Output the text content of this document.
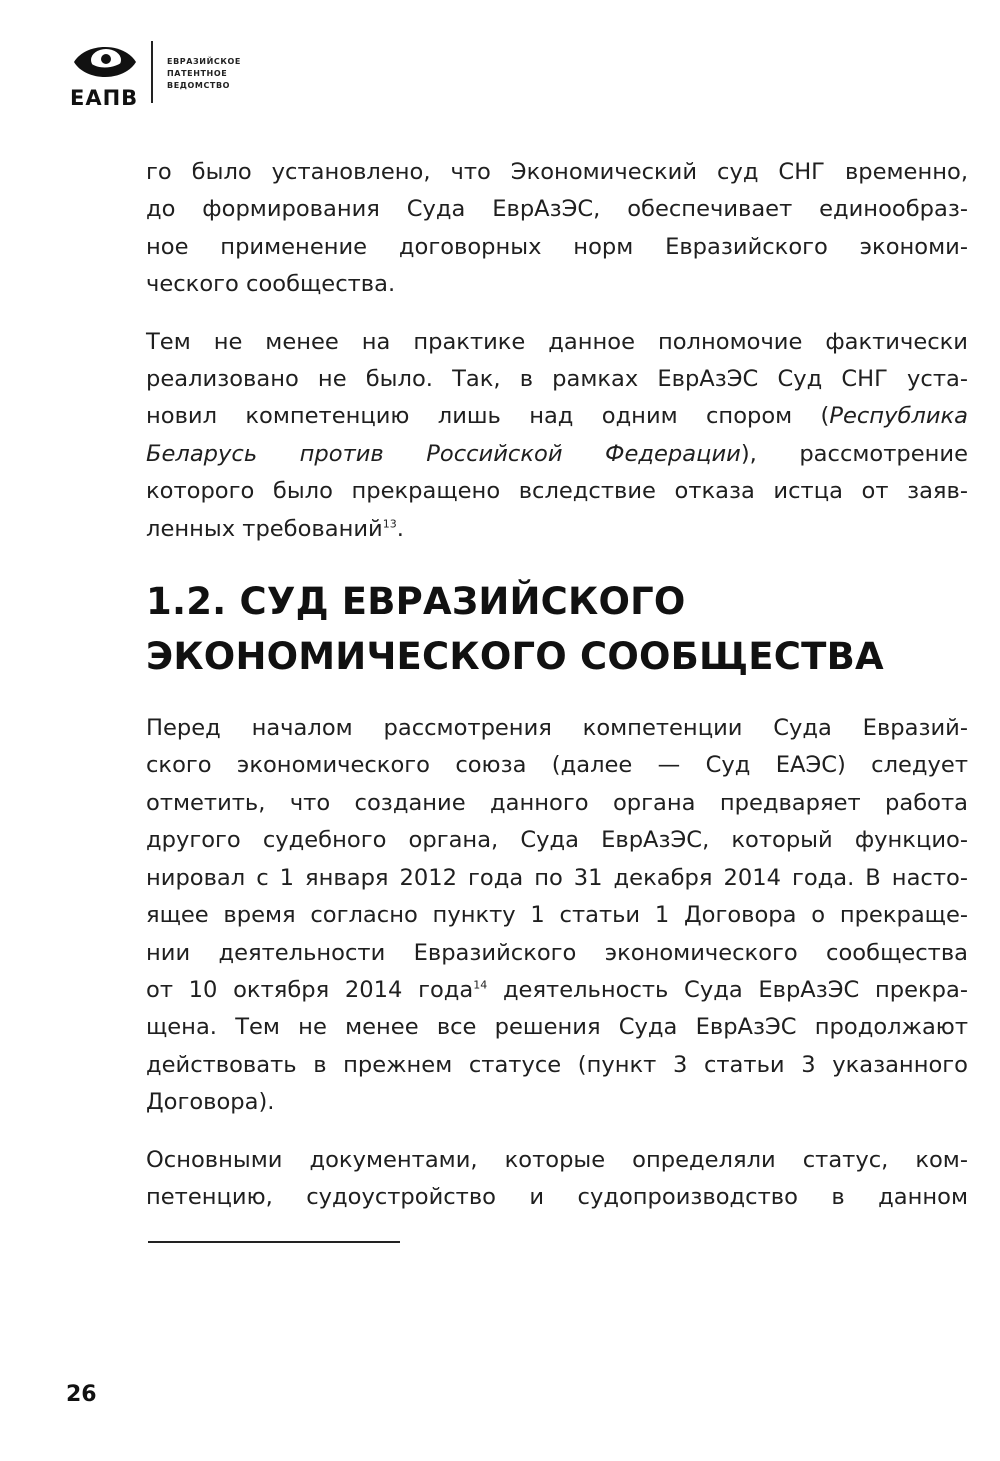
ЕАПВ
ЕВРАЗИЙСКОЕ
ПАТЕНТНОЕ
ВЕДОМСТВО

го было установлено, что Экономический суд СНГ временно,
до формирования Суда ЕврАзЭС, обеспечивает единообраз-
ное применение договорных норм Евразийского экономи-
ческого сообщества.

Тем не менее на практике данное полномочие фактически
реализовано не было. Так, в рамках ЕврАзЭС Суд СНГ уста-
новил компетенцию лишь над одним спором (Республика
Беларусь против Российской Федерации), рассмотрение
которого было прекращено вследствие отказа истца от заяв-
ленных требований$^{13}$.

1.2. СУД ЕВРАЗИЙСКОГО
ЭКОНОМИЧЕСКОГО СООБЩЕСТВА

Перед началом рассмотрения компетенции Суда Евразий-
ского экономического союза (далее — Суд ЕАЭС) следует
отметить, что создание данного органа предваряет работа
другого судебного органа, Суда ЕврАзЭС, который функцио-
нировал с 1 января 2012 года по 31 декабря 2014 года. В насто-
ящее время согласно пункту 1 статьи 1 Договора о прекраще-
нии деятельности Евразийского экономического сообщества
от 10 октября 2014 года$^{14}$ деятельность Суда ЕврАзЭС прекра-
щена. Тем не менее все решения Суда ЕврАзЭС продолжают
действовать в прежнем статусе (пункт 3 статьи 3 указанного
Договора).

Основными документами, которые определяли статус, ком-
петенцию, судоустройство и судопроизводство в данном

26
